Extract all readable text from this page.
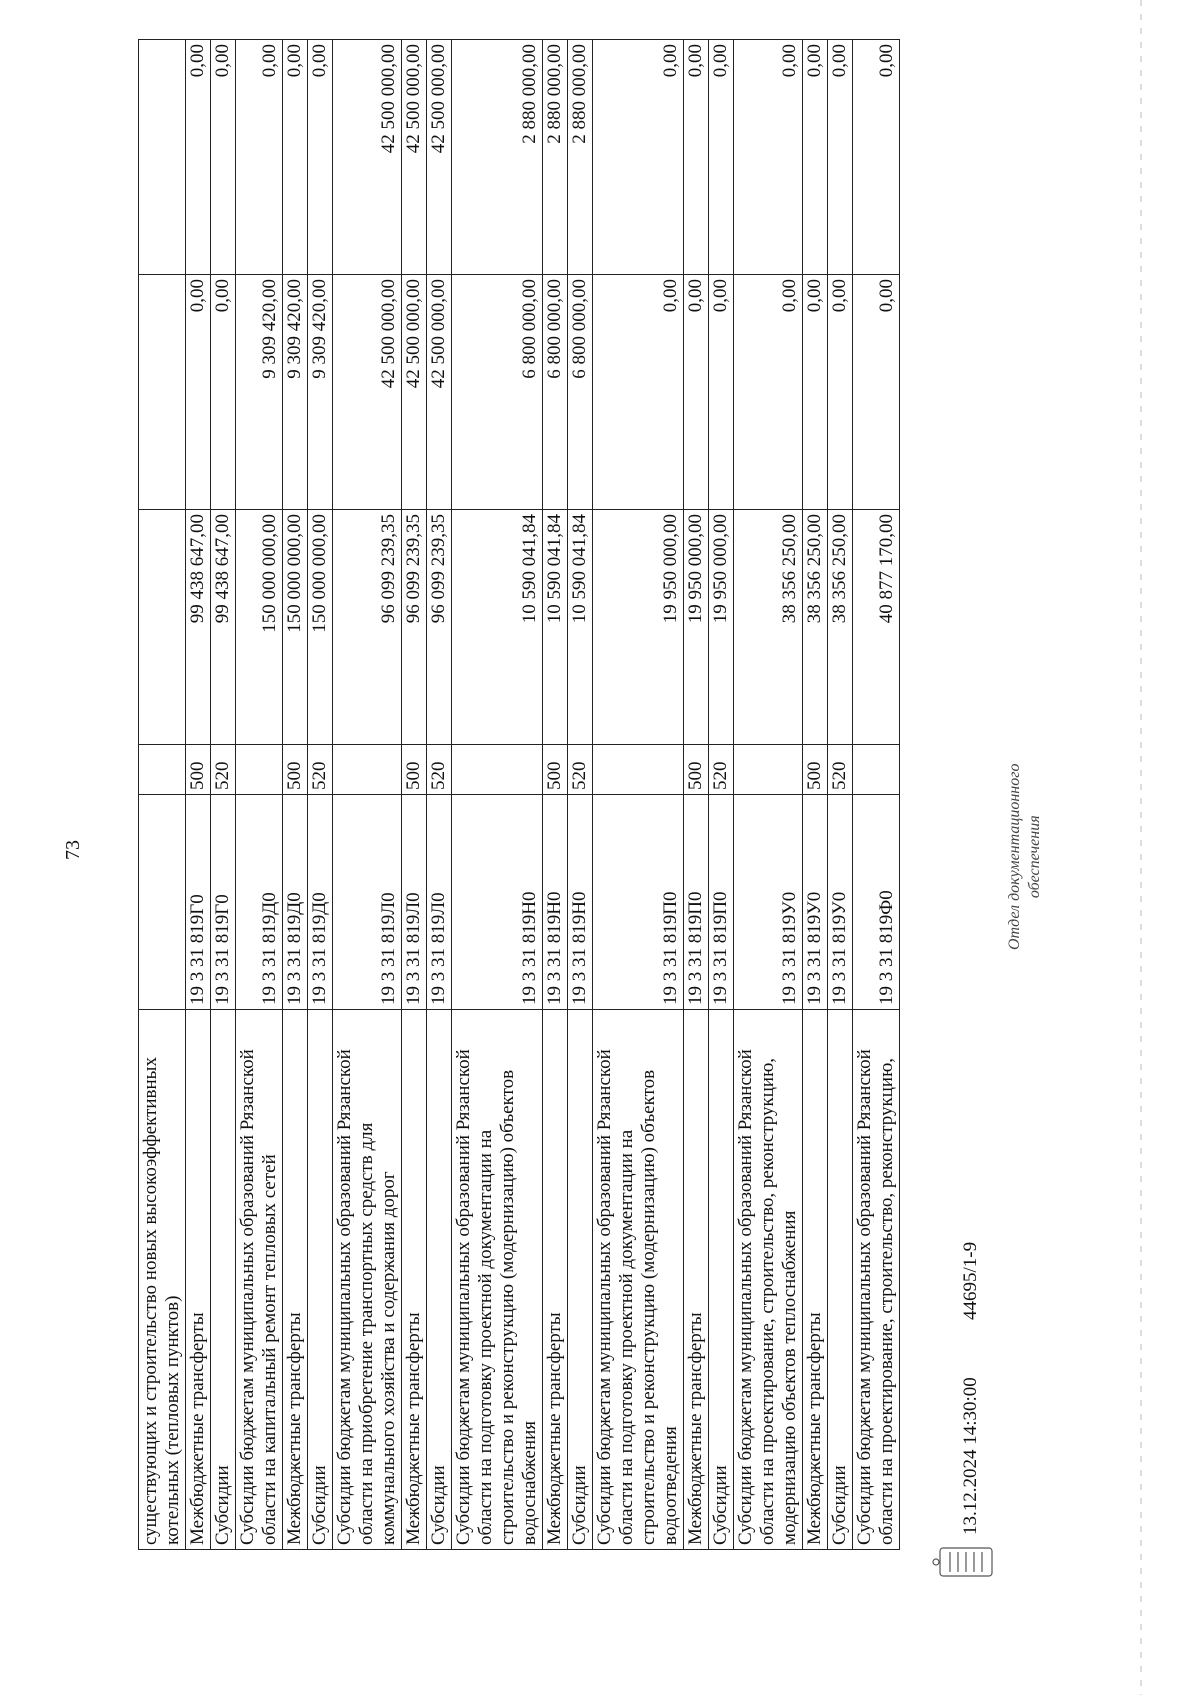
73
существующих и строительство новых высокоэффективных котельных (тепловых пунктов)					
Межбюджетные трансферты	19 3 31 819Г0	500	99 438 647,00	0,00	0,00
Субсидии	19 3 31 819Г0	520	99 438 647,00	0,00	0,00
Субсидии бюджетам муниципальных образований Рязанской области на капитальный ремонт тепловых сетей	19 3 31 819Д0		150 000 000,00	9 309 420,00	0,00
Межбюджетные трансферты	19 3 31 819Д0	500	150 000 000,00	9 309 420,00	0,00
Субсидии	19 3 31 819Д0	520	150 000 000,00	9 309 420,00	0,00
Субсидии бюджетам муниципальных образований Рязанской области на приобретение транспортных средств для коммунального хозяйства и содержания дорог	19 3 31 819Л0		96 099 239,35	42 500 000,00	42 500 000,00
Межбюджетные трансферты	19 3 31 819Л0	500	96 099 239,35	42 500 000,00	42 500 000,00
Субсидии	19 3 31 819Л0	520	96 099 239,35	42 500 000,00	42 500 000,00
Субсидии бюджетам муниципальных образований Рязанской области на подготовку проектной документации на строительство и реконструкцию (модернизацию) объектов водоснабжения	19 3 31 819Н0		10 590 041,84	6 800 000,00	2 880 000,00
Межбюджетные трансферты	19 3 31 819Н0	500	10 590 041,84	6 800 000,00	2 880 000,00
Субсидии	19 3 31 819Н0	520	10 590 041,84	6 800 000,00	2 880 000,00
Субсидии бюджетам муниципальных образований Рязанской области на подготовку проектной документации на строительство и реконструкцию (модернизацию) объектов водоотведения	19 3 31 819П0		19 950 000,00	0,00	0,00
Межбюджетные трансферты	19 3 31 819П0	500	19 950 000,00	0,00	0,00
Субсидии	19 3 31 819П0	520	19 950 000,00	0,00	0,00
Субсидии бюджетам муниципальных образований Рязанской области на проектирование, строительство, реконструкцию, модернизацию объектов теплоснабжения	19 3 31 819У0		38 356 250,00	0,00	0,00
Межбюджетные трансферты	19 3 31 819У0	500	38 356 250,00	0,00	0,00
Субсидии	19 3 31 819У0	520	38 356 250,00	0,00	0,00
Субсидии бюджетам муниципальных образований Рязанской области на проектирование, строительство, реконструкцию,	19 3 31 819Ф0		40 877 170,00	0,00	0,00
13.12.2024 14:30:00
44695/1-9
Отдел документационного обеспечения
